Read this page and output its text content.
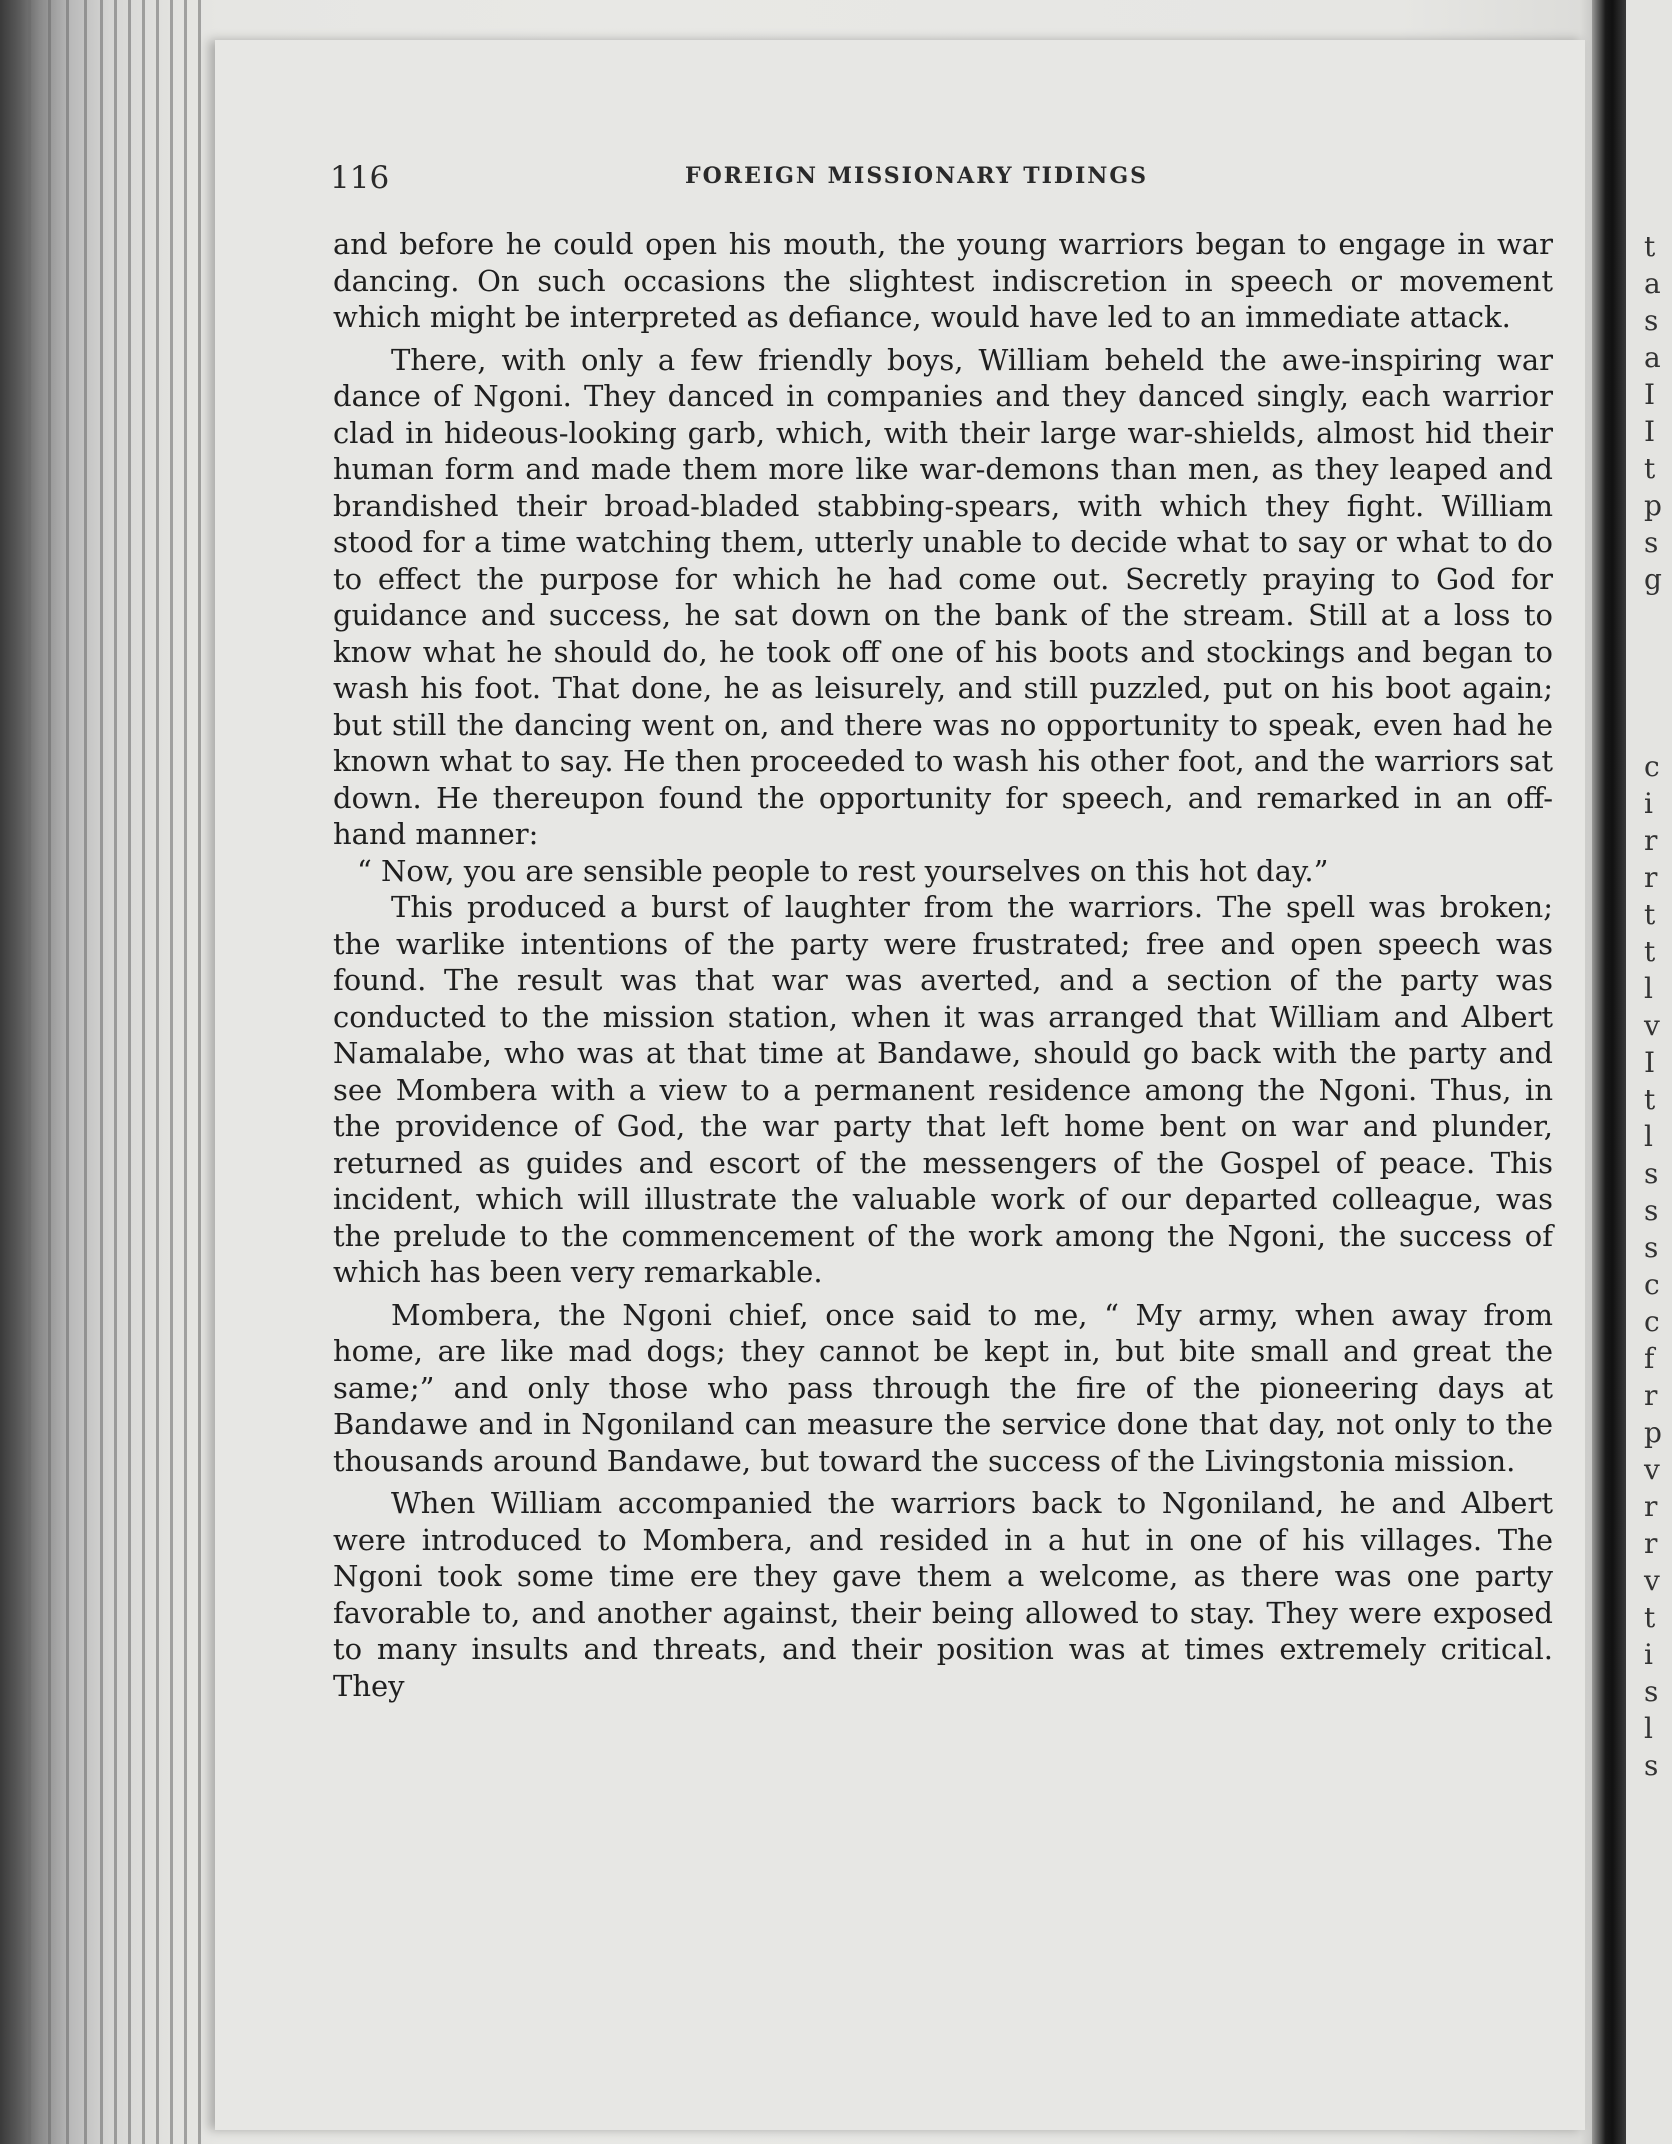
116	FOREIGN MISSIONARY TIDINGS

and before he could open his mouth, the young warriors began to engage in war dancing. On such occasions the slightest indiscretion in speech or movement which might be interpreted as defiance, would have led to an immediate attack.

There, with only a few friendly boys, William beheld the awe-inspiring war dance of Ngoni. They danced in companies and they danced singly, each warrior clad in hideous-looking garb, which, with their large war-shields, almost hid their human form and made them more like war-demons than men, as they leaped and brandished their broad-bladed stabbing-spears, with which they fight. William stood for a time watching them, utterly unable to decide what to say or what to do to effect the purpose for which he had come out. Secretly praying to God for guidance and success, he sat down on the bank of the stream. Still at a loss to know what he should do, he took off one of his boots and stockings and began to wash his foot. That done, he as leisurely, and still puzzled, put on his boot again; but still the dancing went on, and there was no opportunity to speak, even had he known what to say. He then proceeded to wash his other foot, and the warriors sat down. He thereupon found the opportunity for speech, and remarked in an off-hand manner:

“ Now, you are sensible people to rest yourselves on this hot day.”

This produced a burst of laughter from the warriors. The spell was broken; the warlike intentions of the party were frustrated; free and open speech was found. The result was that war was averted, and a section of the party was conducted to the mission station, when it was arranged that William and Albert Namalabe, who was at that time at Bandawe, should go back with the party and see Mombera with a view to a permanent residence among the Ngoni. Thus, in the providence of God, the war party that left home bent on war and plunder, returned as guides and escort of the messengers of the Gospel of peace. This incident, which will illustrate the valuable work of our departed colleague, was the prelude to the commencement of the work among the Ngoni, the success of which has been very remarkable.

Mombera, the Ngoni chief, once said to me, “ My army, when away from home, are like mad dogs; they cannot be kept in, but bite small and great the same;” and only those who pass through the fire of the pioneering days at Bandawe and in Ngoniland can measure the service done that day, not only to the thousands around Bandawe, but toward the success of the Livingstonia mission.

When William accompanied the warriors back to Ngoniland, he and Albert were introduced to Mombera, and resided in a hut in one of his villages. The Ngoni took some time ere they gave them a welcome, as there was one party favorable to, and another against, their being allowed to stay. They were exposed to many insults and threats, and their position was at times extremely critical. They

t
a
s
a
I
I
t
p
s
g
c
i
r
r
t
t
l
v
I
t
l
s
s
s
c
c
f
r
p
v
r
r
v
t
i
s
l
s
